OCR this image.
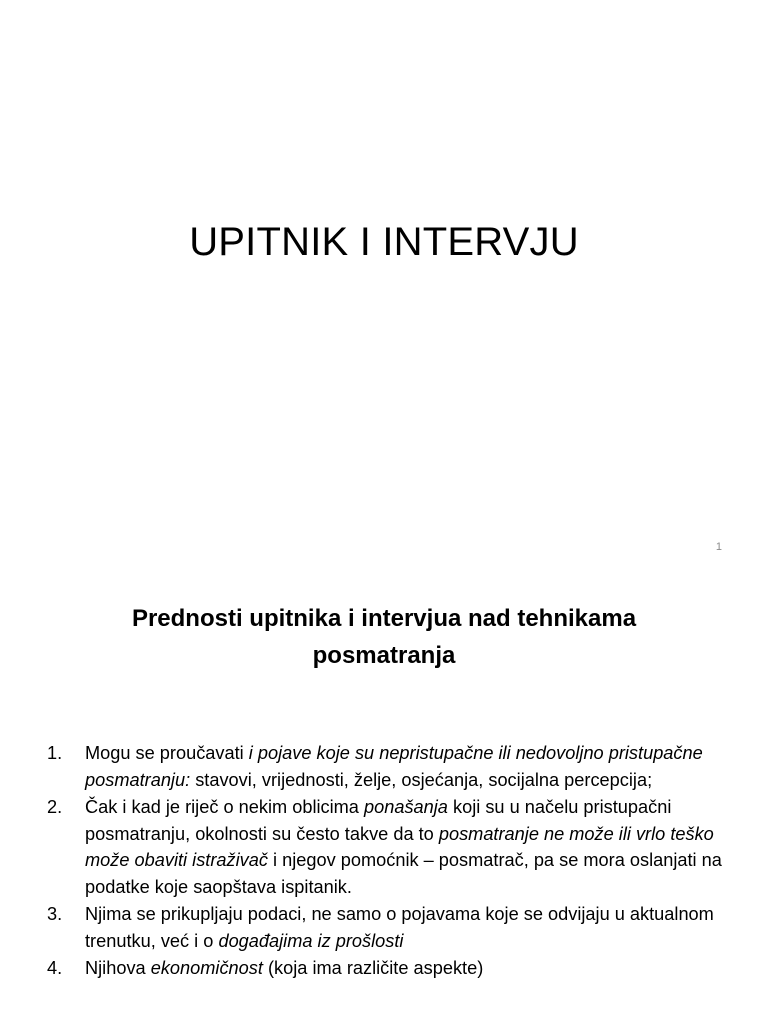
UPITNIK I INTERVJU
1
Prednosti upitnika i intervjua nad tehnikama posmatranja
1. Mogu se proučavati i pojave koje su nepristupačne ili nedovoljno pristupačne posmatranju: stavovi, vrijednosti, želje, osjećanja, socijalna percepcija;
2. Čak i kad je riječ o nekim oblicima ponašanja koji su u načelu pristupačni posmatranju, okolnosti su često takve da to posmatranje ne može ili vrlo teško može obaviti istraživač i njegov pomoćnik – posmatrač, pa se mora oslanjati na podatke koje saopštava ispitanik.
3. Njima se prikupljaju podaci, ne samo o pojavama koje se odvijaju u aktualnom trenutku, već i o događajima iz prošlosti
4. Njihova ekonomičnost (koja ima različite aspekte)
